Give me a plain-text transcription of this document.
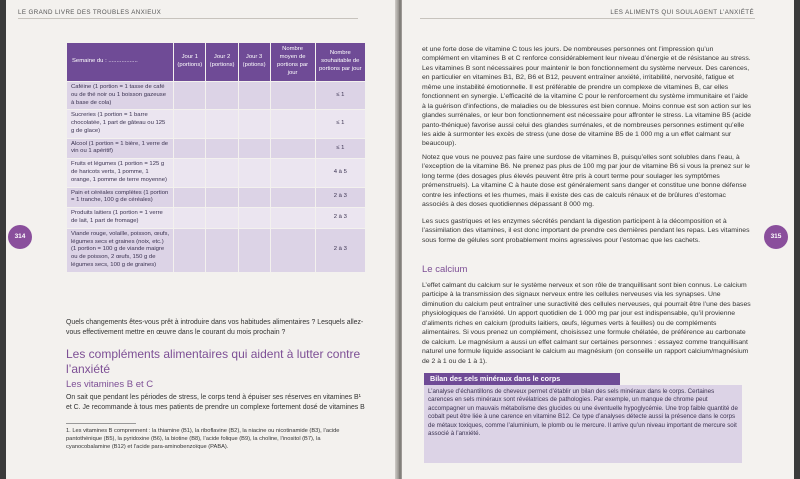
LE GRAND LIVRE DES TROUBLES ANXIEUX
314
Semaine du : ..................	Jour 1 (portions)	Jour 2 (portions)	Jour 3 (potions)	Nombre moyen de portions par jour	Nombre souhaitable de portions par jour
Caféine (1 portion = 1 tasse de café ou de thé noir ou 1 boisson gazeuse à base de cola)					≤ 1
Sucreries (1 portion = 1 barre chocolatée, 1 part de gâteau ou 125 g de glace)					≤ 1
Alcool (1 portion = 1 bière, 1 verre de vin ou 1 apéritif)					≤ 1
Fruits et légumes (1 portion = 125 g de haricots verts, 1 pomme, 1 orange, 1 pomme de terre moyenne)					4 à 5
Pain et céréales complètes (1 portion = 1 tranche, 100 g de céréales)					2 à 3
Produits laitiers (1 portion = 1 verre de lait, 1 part de fromage)					2 à 3
Viande rouge, volaille, poisson, œufs, légumes secs et graines (noix, etc.) (1 portion = 100 g de viande maigre ou de poisson, 2 œufs, 150 g de légumes secs, 100 g de graines)					2 à 3
Quels changements êtes-vous prêt à introduire dans vos habitudes alimentaires ? Lesquels allez-vous effectivement mettre en œuvre dans le courant du mois prochain ?
Les compléments alimentaires qui aident à lutter contre l’anxiété
Les vitamines B et C
On sait que pendant les périodes de stress, le corps tend à épuiser ses réserves en vitamines B¹ et C. Je recommande à tous mes patients de prendre un complexe fortement dosé de vitamines B
1. Les vitamines B comprennent : la thiamine (B1), la riboflavine (B2), la niacine ou nicotinamide (B3), l’acide pantothénique (B5), la pyridoxine (B6), la biotine (B8), l’acide folique (B9), la choline, l’inositol (B7), la cyanocobalamine (B12) et l’acide para-aminobenzoïque (PABA).
LES ALIMENTS QUI SOULAGENT L’ANXIÉTÉ
315
et une forte dose de vitamine C tous les jours. De nombreuses personnes ont l’impression qu’un complément en vitamines B et C renforce considérablement leur niveau d’énergie et de résistance au stress. Les vitamines B sont nécessaires pour maintenir le bon fonctionnement du système nerveux. Des carences, en particulier en vitamines B1, B2, B6 et B12, peuvent entraîner anxiété, irritabilité, nervosité, fatigue et même une instabilité émotionnelle. Il est préférable de prendre un complexe de vitamines B, car elles fonctionnent en synergie. L’efficacité de la vitamine C pour le renforcement du système immunitaire et l’aide à la guérison d’infections, de maladies ou de blessures est bien connue. Moins connue est son action sur les glandes surrénales, or leur bon fonctionnement est nécessaire pour affronter le stress. La vitamine B5 (acide panto-thénique) favorise aussi celui des glandes surrénales, et de nombreuses personnes estiment qu’elle les aide à surmonter les excès de stress (une dose de vitamine B5 de 1 000 mg a un effet calmant sur beaucoup).
Notez que vous ne pouvez pas faire une surdose de vitamines B, puisqu’elles sont solubles dans l’eau, à l’exception de la vitamine B6. Ne prenez pas plus de 100 mg par jour de vitamine B6 si vous la prenez sur le long terme (des dosages plus élevés peuvent être pris à court terme pour soulager les symptômes prémenstruels). La vitamine C à haute dose est généralement sans danger et constitue une bonne défense contre les infections et les rhumes, mais il existe des cas de calculs rénaux et de brûlures d’estomac associés à des doses quotidiennes dépassant 8 000 mg.
Les sucs gastriques et les enzymes sécrétés pendant la digestion participent à la décomposition et à l’assimilation des vitamines, il est donc important de prendre ces dernières pendant les repas. Les vitamines sous forme de gélules sont probablement moins agressives pour l’estomac que les cachets.
Le calcium
L’effet calmant du calcium sur le système nerveux et son rôle de tranquillisant sont bien connus. Le calcium participe à la transmission des signaux nerveux entre les cellules nerveuses via les synapses. Une diminution du calcium peut entraîner une suractivité des cellules nerveuses, qui pourrait être l’une des bases physiologiques de l’anxiété. Un apport quotidien de 1 000 mg par jour est indispensable, qu’il provienne d’aliments riches en calcium (produits laitiers, œufs, légumes verts à feuilles) ou de compléments alimentaires. Si vous prenez un complément, choisissez une formule chélatée, de préférence au carbonate de calcium. Le magnésium a aussi un effet calmant sur certaines personnes : essayez comme tranquillisant naturel une formule liquide associant le calcium au magnésium (on conseille un rapport calcium/magnésium de 2 à 1 ou de 1 à 1).
Bilan des sels minéraux dans le corps
L’analyse d’échantillons de cheveux permet d’établir un bilan des sels minéraux dans le corps. Certaines carences en sels minéraux sont révélatrices de pathologies. Par exemple, un manque de chrome peut accompagner un mauvais métabolisme des glucides ou une éventuelle hypoglycémie. Une trop faible quantité de cobalt peut être liée à une carence en vitamine B12. Ce type d’analyses détecte aussi la présence dans le corps de métaux toxiques, comme l’aluminium, le plomb ou le mercure. Il arrive qu’un niveau important de mercure soit associé à l’anxiété.
